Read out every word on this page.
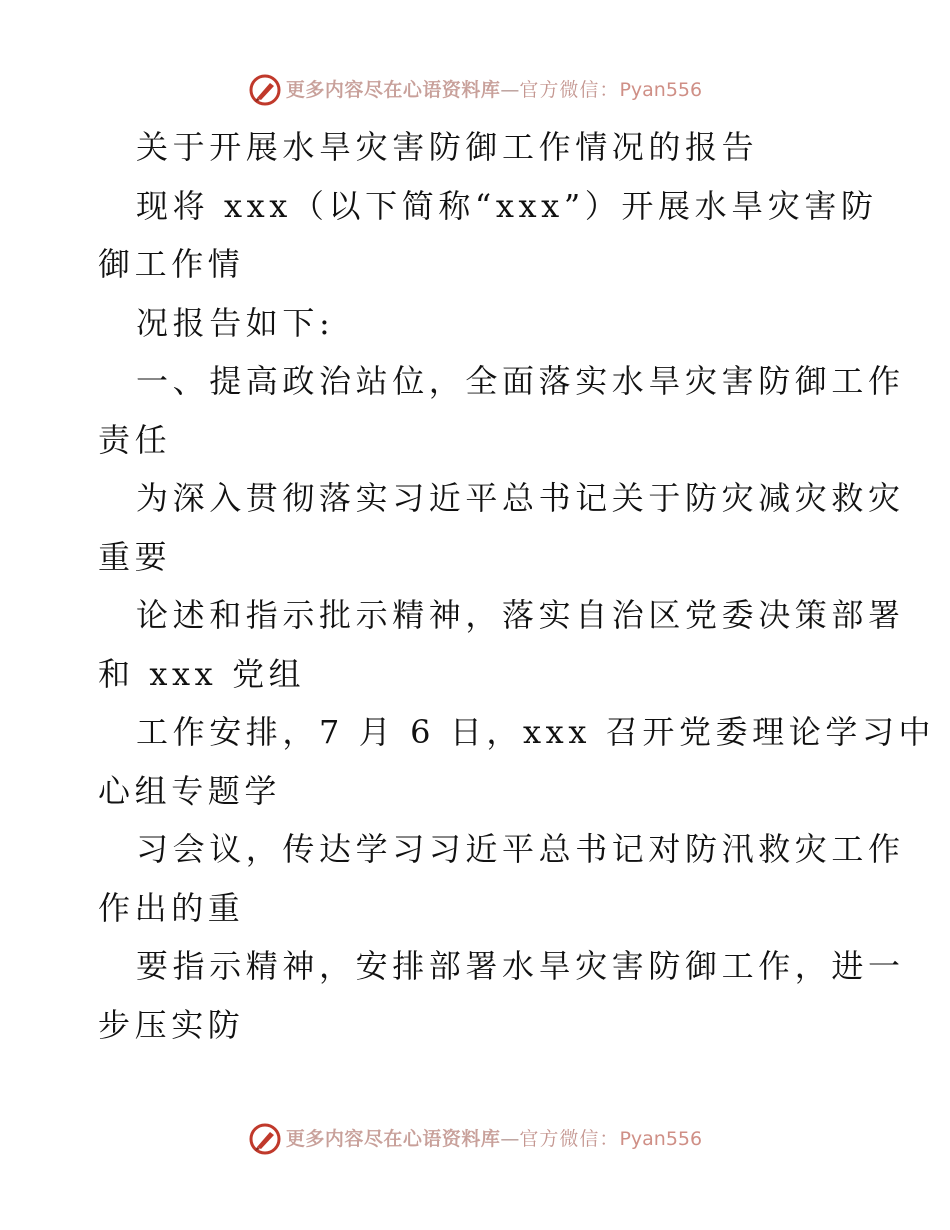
更多内容尽在心语资料库 — 官方微信： Pyan556
关于开展水旱灾害防御工作情况的报告
现将 xxx（以下简称“xxx”）开展水旱灾害防
御工作情
况报告如下:
一、提高政治站位，全面落实水旱灾害防御工作
责任
为深入贯彻落实习近平总书记关于防灾减灾救灾
重要
论述和指示批示精神，落实自治区党委决策部署
和 xxx 党组
工作安排，7 月 6 日，xxx 召开党委理论学习中
心组专题学
习会议，传达学习习近平总书记对防汛救灾工作
作出的重
要指示精神，安排部署水旱灾害防御工作，进一
步压实防
更多内容尽在心语资料库 — 官方微信： Pyan556
